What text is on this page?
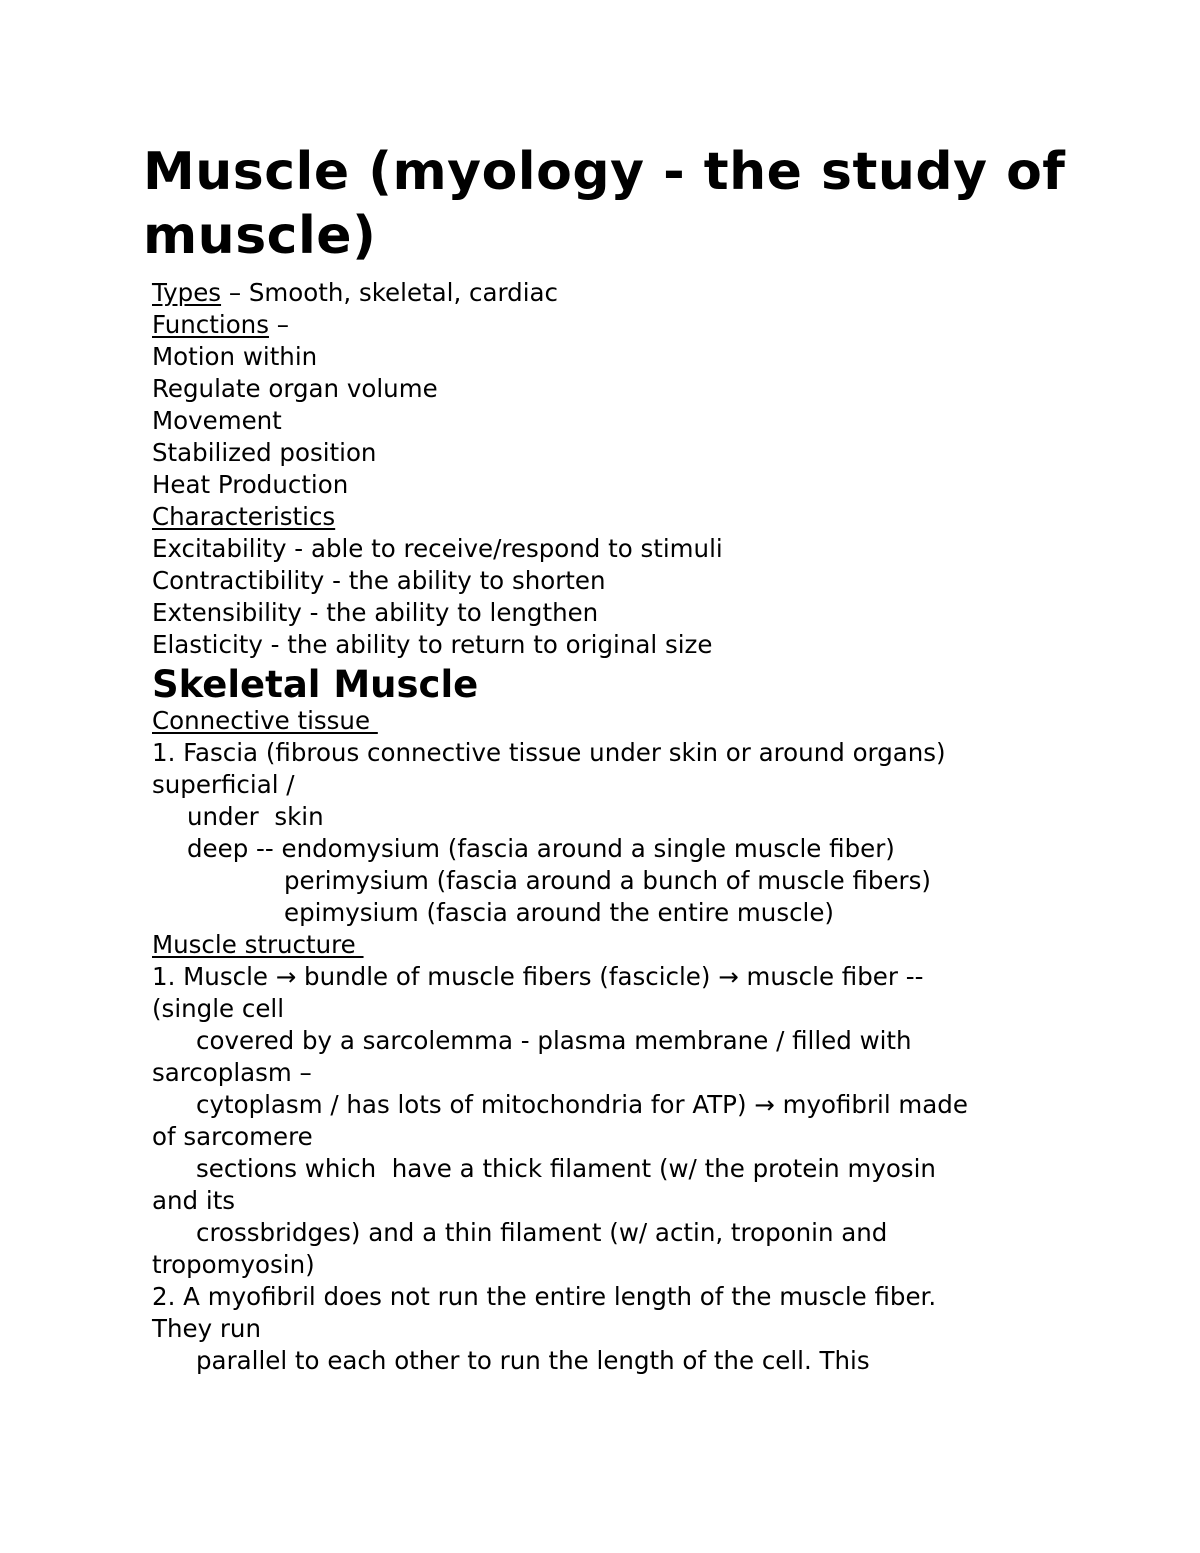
Muscle (myology - the study of muscle)
Types – Smooth, skeletal, cardiac
Functions –
Motion within
Regulate organ volume
Movement
Stabilized position
Heat Production
Characteristics
Excitability - able to receive/respond to stimuli
Contractibility - the ability to shorten
Extensibility - the ability to lengthen
Elasticity - the ability to return to original size
Skeletal Muscle
Connective tissue
1. Fascia (fibrous connective tissue under skin or around organs)
superficial /
under  skin
deep -- endomysium (fascia around a single muscle fiber)
perimysium (fascia around a bunch of muscle fibers)
epimysium (fascia around the entire muscle)
Muscle structure
1. Muscle → bundle of muscle fibers (fascicle) → muscle fiber --
(single cell
covered by a sarcolemma - plasma membrane / filled with
sarcoplasm –
cytoplasm / has lots of mitochondria for ATP) → myofibril made
of sarcomere
sections which  have a thick filament (w/ the protein myosin
and its
crossbridges) and a thin filament (w/ actin, troponin and
tropomyosin)
2. A myofibril does not run the entire length of the muscle fiber.
They run
parallel to each other to run the length of the cell. This
